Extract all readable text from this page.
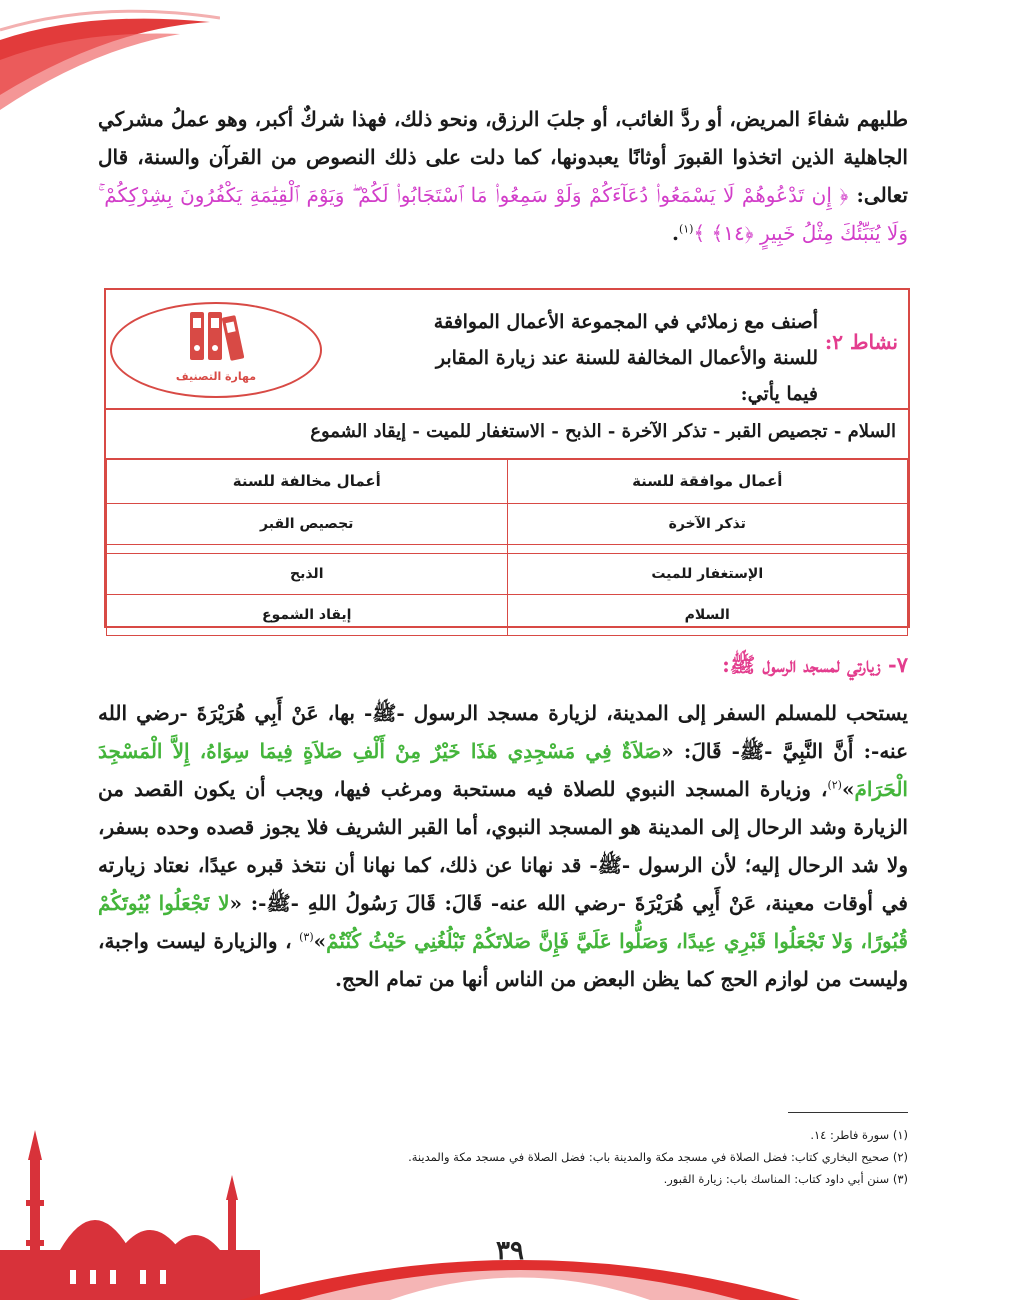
طلبهم شفاءَ المريض، أو ردَّ الغائب، أو جلبَ الرزق، ونحو ذلك، فهذا شركٌ أكبر، وهو عملُ مشركي الجاهلية الذين اتخذوا القبورَ أوثانًا يعبدونها، كما دلت على ذلك النصوص من القرآن والسنة، قال تعالى: ﴿ إِن تَدْعُوهُمْ لَا يَسْمَعُوا۟ دُعَآءَكُمْ وَلَوْ سَمِعُوا۟ مَا ٱسْتَجَابُوا۟ لَكُمْ ۖ وَيَوْمَ ٱلْقِيَٰمَةِ يَكْفُرُونَ بِشِرْكِكُمْ ۚ وَلَا يُنَبِّئُكَ مِثْلُ خَبِيرٍ ﴿١٤﴾ ﴾$^{(١)}$.

نشاط ٢:
أصنف مع زملائي في المجموعة الأعمال الموافقة للسنة والأعمال المخالفة للسنة عند زيارة المقابر فيما يأتي:
مهارة التصنيف
السلام - تجصيص القبر - تذكر الآخرة - الذبح - الاستغفار للميت - إيقاد الشموع
أعمال موافقة للسنة	أعمال مخالفة للسنة
تذكر الآخرة	تجصيص القبر

الإستغفار للميت	الذبح
السلام	إيقاد الشموع
٧- زيارتي لمسجد الرسول ﷺ:

يستحب للمسلم السفر إلى المدينة، لزيارة مسجد الرسول -ﷺ- بها، عَنْ أَبِي هُرَيْرَةَ -رضي الله عنه-: أَنَّ النَّبِيَّ -ﷺ- قَالَ: «صَلاَةٌ فِي مَسْجِدِي هَذَا خَيْرٌ مِنْ أَلْفِ صَلاَةٍ فِيمَا سِوَاهُ، إِلاَّ الْمَسْجِدَ الْحَرَامَ»$^{(٢)}$، وزيارة المسجد النبوي للصلاة فيه مستحبة ومرغب فيها، ويجب أن يكون القصد من الزيارة وشد الرحال إلى المدينة هو المسجد النبوي، أما القبر الشريف فلا يجوز قصده وحده بسفر، ولا شد الرحال إليه؛ لأن الرسول -ﷺ- قد نهانا عن ذلك، كما نهانا أن نتخذ قبره عيدًا، نعتاد زيارته في أوقات معينة، عَنْ أَبِي هُرَيْرَةَ -رضي الله عنه- قَالَ: قَالَ رَسُولُ اللهِ -ﷺ-: «لا تَجْعَلُوا بُيُوتَكُمْ قُبُورًا، وَلا تَجْعَلُوا قَبْرِي عِيدًا، وَصَلُّوا عَلَيَّ فَإِنَّ صَلاتَكُمْ تَبْلُغُنِي حَيْثُ كُنْتُمْ»$^{(٣)}$ ، والزيارة ليست واجبة، وليست من لوازم الحج كما يظن البعض من الناس أنها من تمام الحج.

(١) سورة فاطر: ١٤.
(٢) صحيح البخاري كتاب: فضل الصلاة في مسجد مكة والمدينة باب: فضل الصلاة في مسجد مكة والمدينة.
(٣) سنن أبي داود كتاب: المناسك باب: زيارة القبور.
٣٩
